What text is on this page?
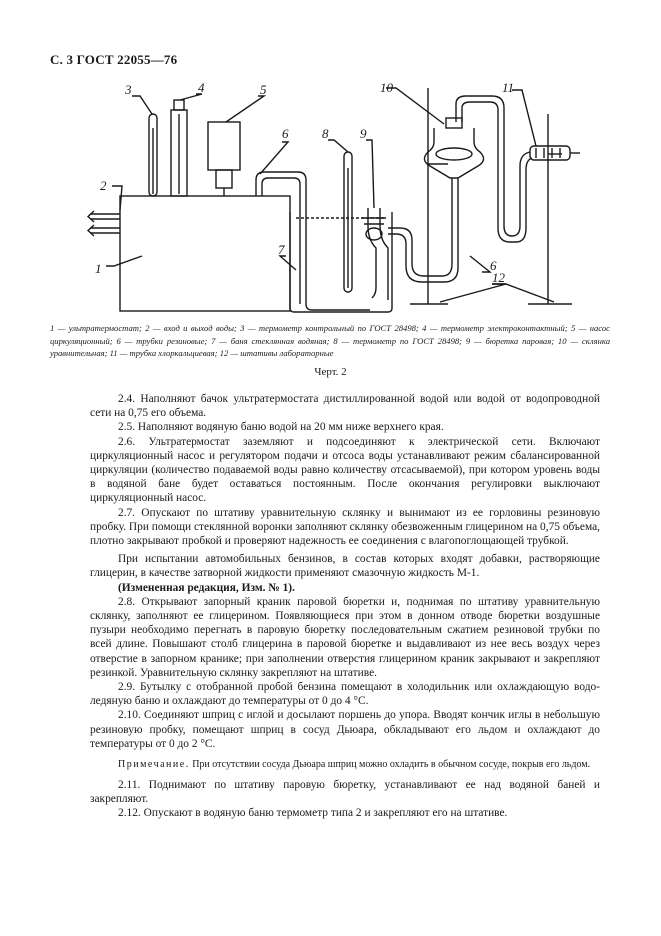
С. 3 ГОСТ 22055—76
1
2
3	4	5
6	8 9
10	11
7
6
12
1 — ультратермостат; 2 — вход и выход воды; 3 — термометр контрольный по ГОСТ 28498; 4 — термометр электроконтактный; 5 — насос циркуляционный; 6 — трубки резиновые; 7 — баня стеклянная водяная; 8 — термометр по ГОСТ 28498; 9 — бюретка паровая; 10 — склянка уравнительная; 11 — трубка хлоркальциевая; 12 — штативы лабораторные
Черт. 2

2.4. Наполняют бачок ультратермостата дистиллированной водой или водой от водопроводной сети на 0,75 его объема.

2.5. Наполняют водяную баню водой на 20 мм ниже верхнего края.

2.6. Ультратермостат заземляют и подсоединяют к электрической сети. Включают циркуляционный насос и регулятором подачи и отсоса воды устанавливают режим сбалансированной циркуляции (количество подаваемой воды равно количеству отсасываемой), при котором уровень воды в водяной бане будет оставаться постоянным. После окончания регулировки выключают циркуляционный насос.

2.7. Опускают по штативу уравнительную склянку и вынимают из ее горловины резиновую пробку. При помощи стеклянной воронки заполняют склянку обезвоженным глицерином на 0,75 объема, плотно закрывают пробкой и проверяют надежность ее соединения с влагопоглощающей трубкой.

При испытании автомобильных бензинов, в состав которых входят добавки, растворяющие глицерин, в качестве затворной жидкости применяют смазочную жидкость М-1.

(Измененная редакция, Изм. № 1).

2.8. Открывают запорный краник паровой бюретки и, поднимая по штативу уравнительную склянку, заполняют ее глицерином. Появляющиеся при этом в донном отводе бюретки воздушные пузыри необходимо перегнать в паровую бюретку последовательным сжатием резиновой трубки по всей длине. Повышают столб глицерина в паровой бюретке и выдавливают из нее весь воздух через отверстие в запорном кранике; при заполнении отверстия глицерином краник закрывают и закрепляют резинкой. Уравнительную склянку закрепляют на штативе.

2.9. Бутылку с отобранной пробой бензина помещают в холодильник или охлаждающую водо-ледяную баню и охлаждают до температуры от 0 до 4 °С.

2.10. Соединяют шприц с иглой и досылают поршень до упора. Вводят кончик иглы в небольшую резиновую пробку, помещают шприц в сосуд Дьюара, обкладывают его льдом и охлаждают до температуры от 0 до 2 °С.

Примечание. При отсутствии сосуда Дьюара шприц можно охладить в обычном сосуде, покрыв его льдом.

2.11. Поднимают по штативу паровую бюретку, устанавливают ее над водяной баней и закрепляют.

2.12. Опускают в водяную баню термометр типа 2 и закрепляют его на штативе.
